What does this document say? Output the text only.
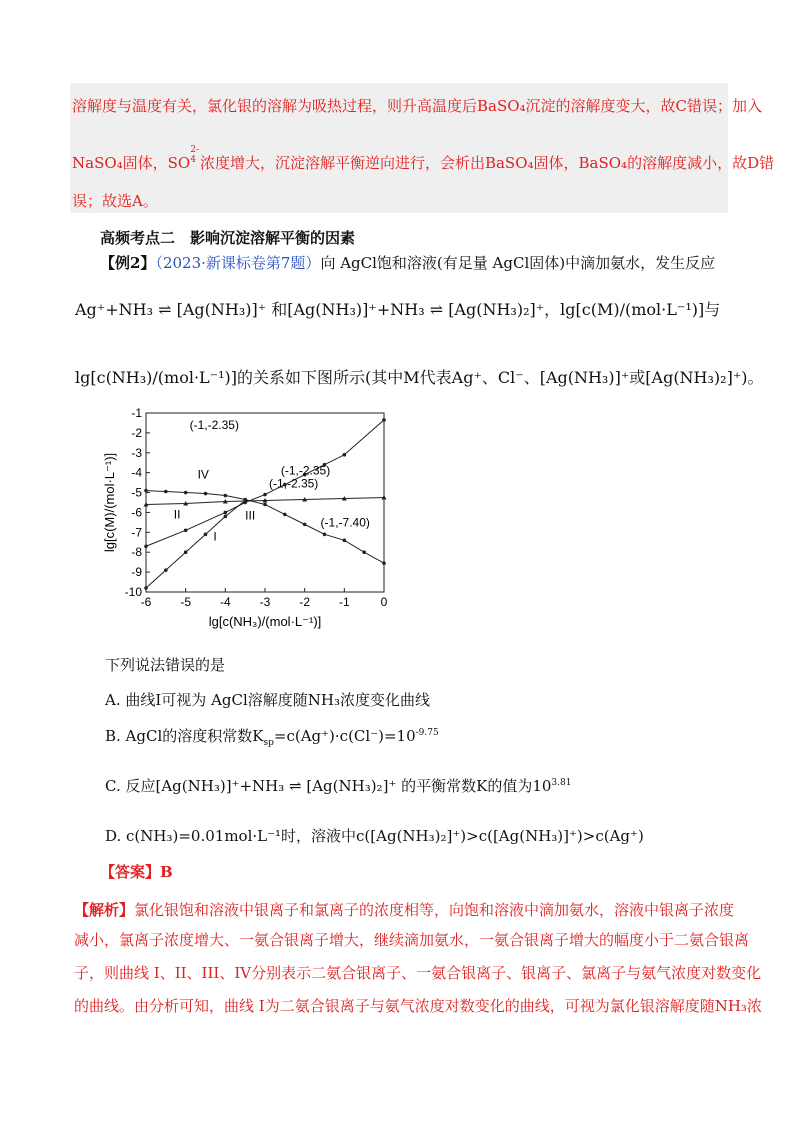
溶解度与温度有关，氯化银的溶解为吸热过程，则升高温度后BaSO₄沉淀的溶解度变大，故C错误；加入
NaSO₄固体，SO
2-
$^4$ 浓度增大，沉淀溶解平衡逆向进行，会析出BaSO₄固体，BaSO₄的溶解度减小，故D错
误；故选A。
高频考点二　影响沉淀溶解平衡的因素
【例2】（2023·新课标卷第7题）向 AgCl饱和溶液(有足量 AgCl固体)中滴加氨水，发生反应
Ag⁺+NH₃ ⇌ [Ag(NH₃)]⁺ 和[Ag(NH₃)]⁺+NH₃ ⇌ [Ag(NH₃)₂]⁺，lg[c(M)/(mol·L⁻¹)]与
lg[c(NH₃)/(mol·L⁻¹)]的关系如下图所示(其中M代表Ag⁺、Cl⁻、[Ag(NH₃)]⁺或[Ag(NH₃)₂]⁺)。
-6 -5 -4 -3 -2 -1	0
-1
-2
-3
-4
-5
-6
-7
-8
-9
-10
lg[c(NH₃)/(mol·L⁻¹)]
lg[c(M)/(mol·L⁻¹)]
(-1,-2.35)
(-1,-2.35)
(-1,-2.35)
(-1,-7.40)
IV
II	III
I
下列说法错误的是
A. 曲线I可视为 AgCl溶解度随NH₃浓度变化曲线
B. AgCl的溶度积常数$K_{sp}=c(Ag^+)\cdot c(Cl^-)=10^{-9.75}$
C. 反应[Ag(NH₃)]⁺+NH₃ ⇌ [Ag(NH₃)₂]⁺ 的平衡常数K的值为$10^{3.81}$
D. c(NH₃)=0.01mol·L⁻¹时，溶液中c([Ag(NH₃)₂]⁺)>c([Ag(NH₃)]⁺)>c(Ag⁺)
【答案】B
【解析】氯化银饱和溶液中银离子和氯离子的浓度相等，向饱和溶液中滴加氨水，溶液中银离子浓度
减小，氯离子浓度增大、一氨合银离子增大，继续滴加氨水，一氨合银离子增大的幅度小于二氨合银离
子，则曲线 I、II、III、IV分别表示二氨合银离子、一氨合银离子、银离子、氯离子与氨气浓度对数变化
的曲线。由分析可知，曲线 I为二氨合银离子与氨气浓度对数变化的曲线，可视为氯化银溶解度随NH₃浓
